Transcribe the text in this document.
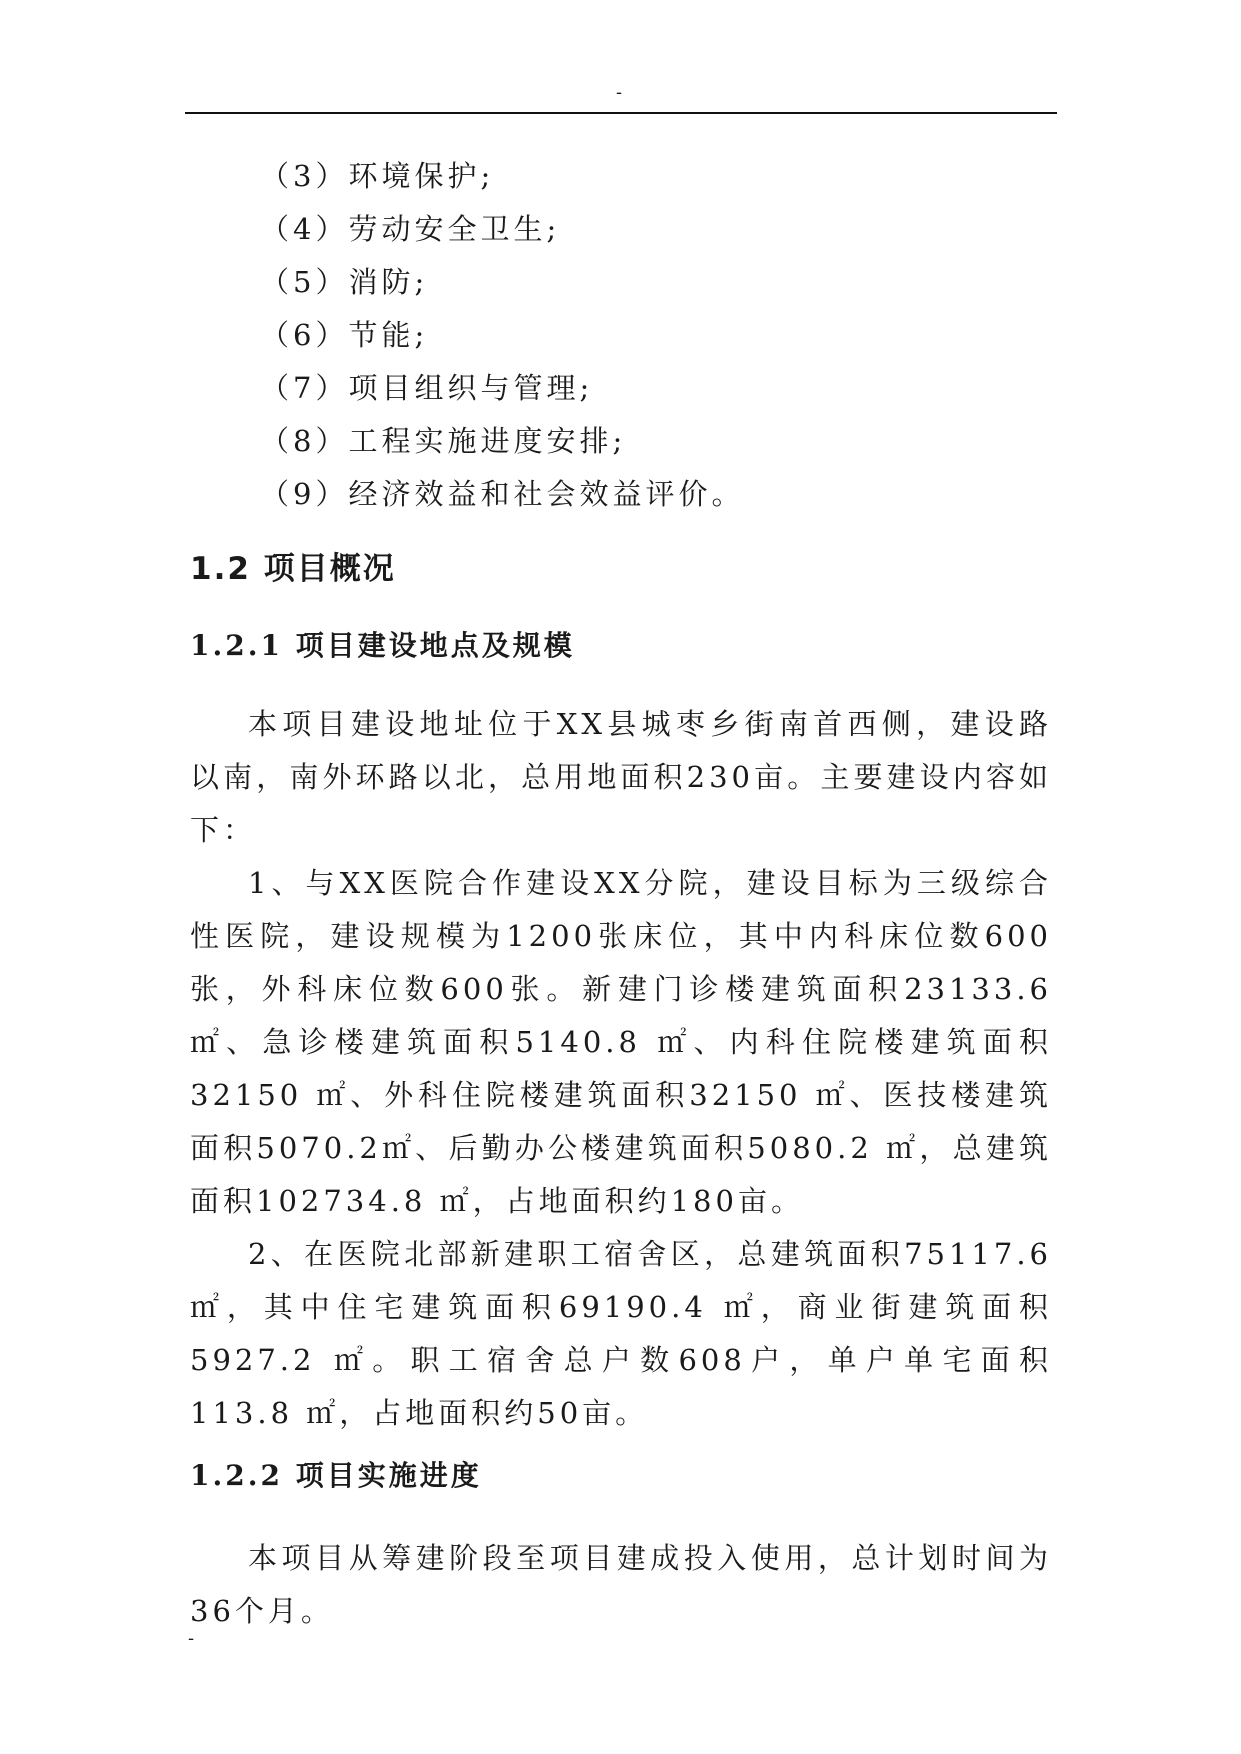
-
（3）环境保护;
（4）劳动安全卫生;
（5）消防;
（6）节能;
（7）项目组织与管理;
（8）工程实施进度安排;
（9）经济效益和社会效益评价。
1.2 项目概况
1.2.1 项目建设地点及规模

本项目建设地址位于XX县城枣乡街南首西侧，建设路以南，南外环路以北，总用地面积230亩。主要建设内容如下：

1、与XX医院合作建设XX分院，建设目标为三级综合性医院，建设规模为1200张床位，其中内科床位数600张，外科床位数600张。新建门诊楼建筑面积23133.6㎡、急诊楼建筑面积5140.8 ㎡、内科住院楼建筑面积32150 ㎡、外科住院楼建筑面积32150 ㎡、医技楼建筑面积5070.2㎡、后勤办公楼建筑面积5080.2 ㎡，总建筑面积102734.8 ㎡，占地面积约180亩。

2、在医院北部新建职工宿舍区，总建筑面积75117.6 ㎡，其中住宅建筑面积69190.4 ㎡，商业街建筑面积5927.2 ㎡。职工宿舍总户数608户，单户单宅面积113.8 ㎡，占地面积约50亩。

1.2.2 项目实施进度

本项目从筹建阶段至项目建成投入使用，总计划时间为36个月。

-
